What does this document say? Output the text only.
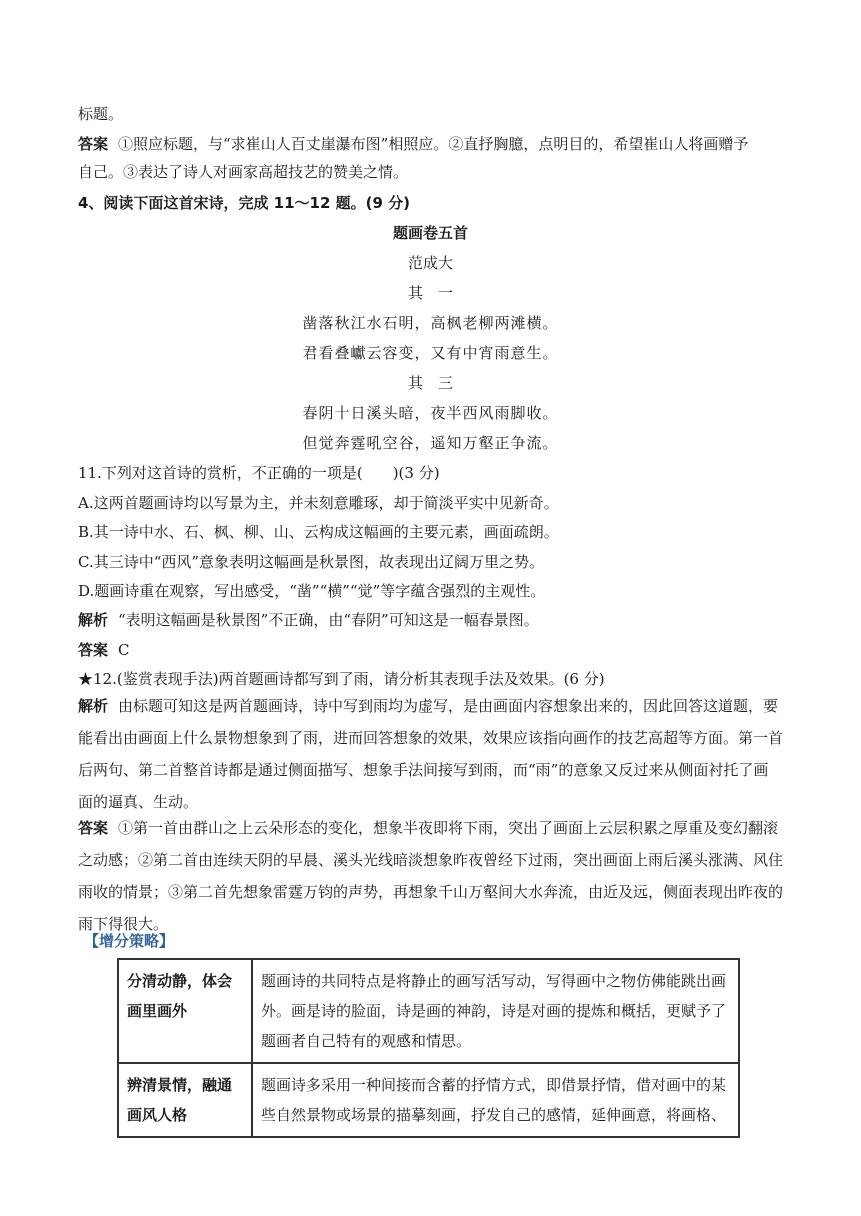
标题。
答案 ①照应标题，与“求崔山人百丈崖瀑布图”相照应。②直抒胸臆，点明目的，希望崔山人将画赠予
自己。③表达了诗人对画家高超技艺的赞美之情。
4、阅读下面这首宋诗，完成 11～12 题。(9 分)
题画卷五首
范成大
其　一
凿落秋江水石明，高枫老柳两滩横。
君看叠巘云容变，又有中宵雨意生。
其　三
春阴十日溪头暗，夜半西风雨脚收。
但觉奔霆吼空谷，遥知万壑正争流。
11.下列对这首诗的赏析，不正确的一项是(　　)(3 分)
A.这两首题画诗均以写景为主，并未刻意雕琢，却于简淡平实中见新奇。
B.其一诗中水、石、枫、柳、山、云构成这幅画的主要元素，画面疏朗。
C.其三诗中“西风”意象表明这幅画是秋景图，故表现出辽阔万里之势。
D.题画诗重在观察，写出感受，“凿”“横”“觉”等字蕴含强烈的主观性。
解析 “表明这幅画是秋景图”不正确，由“春阴”可知这是一幅春景图。
答案 C
★12.(鉴赏表现手法)两首题画诗都写到了雨，请分析其表现手法及效果。(6 分)
解析 由标题可知这是两首题画诗，诗中写到雨均为虚写，是由画面内容想象出来的，因此回答这道题，要能看出由画面上什么景物想象到了雨，进而回答想象的效果，效果应该指向画作的技艺高超等方面。第一首后两句、第二首整首诗都是通过侧面描写、想象手法间接写到雨，而“雨”的意象又反过来从侧面衬托了画面的逼真、生动。
答案 ①第一首由群山之上云朵形态的变化，想象半夜即将下雨，突出了画面上云层积累之厚重及变幻翻滚之动感；②第二首由连续天阴的早晨、溪头光线暗淡想象昨夜曾经下过雨，突出画面上雨后溪头涨满、风住雨收的情景；③第二首先想象雷霆万钧的声势，再想象千山万壑间大水奔流，由近及远，侧面表现出昨夜的雨下得很大。
【增分策略】
分清动静，体会画里画外	题画诗的共同特点是将静止的画写活写动，写得画中之物仿佛能跳出画外。画是诗的脸面，诗是画的神韵，诗是对画的提炼和概括，更赋予了题画者自己特有的观感和情思。
辨清景情，融通画风人格	题画诗多采用一种间接而含蓄的抒情方式，即借景抒情，借对画中的某些自然景物或场景的描摹刻画，抒发自己的感情，延伸画意，将画格、
